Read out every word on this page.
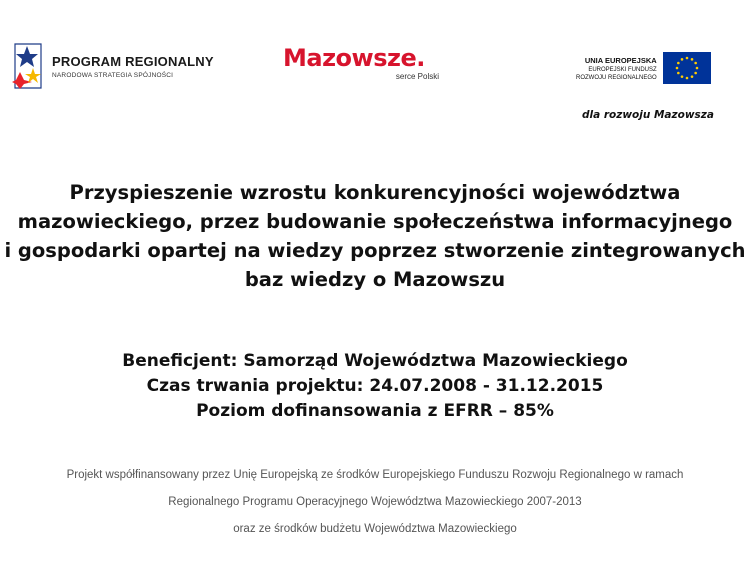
PROGRAM REGIONALNY
NARODOWA STRATEGIA SPÓJNOŚCI
Mazowsze.
serce Polski
UNIA EUROPEJSKA
EUROPEJSKI FUNDUSZ
ROZWOJU REGIONALNEGO
dla rozwoju Mazowsza
Przyspieszenie wzrostu konkurencyjności województwa
mazowieckiego, przez budowanie społeczeństwa informacyjnego
i gospodarki opartej na wiedzy poprzez stworzenie zintegrowanych
baz wiedzy o Mazowszu
Beneficjent: Samorząd Województwa Mazowieckiego
Czas trwania projektu: 24.07.2008 - 31.12.2015
Poziom dofinansowania z EFRR – 85%
Projekt współfinansowany przez Unię Europejską ze środków Europejskiego Funduszu Rozwoju Regionalnego w ramach
Regionalnego Programu Operacyjnego Województwa Mazowieckiego 2007-2013
oraz ze środków budżetu Województwa Mazowieckiego
